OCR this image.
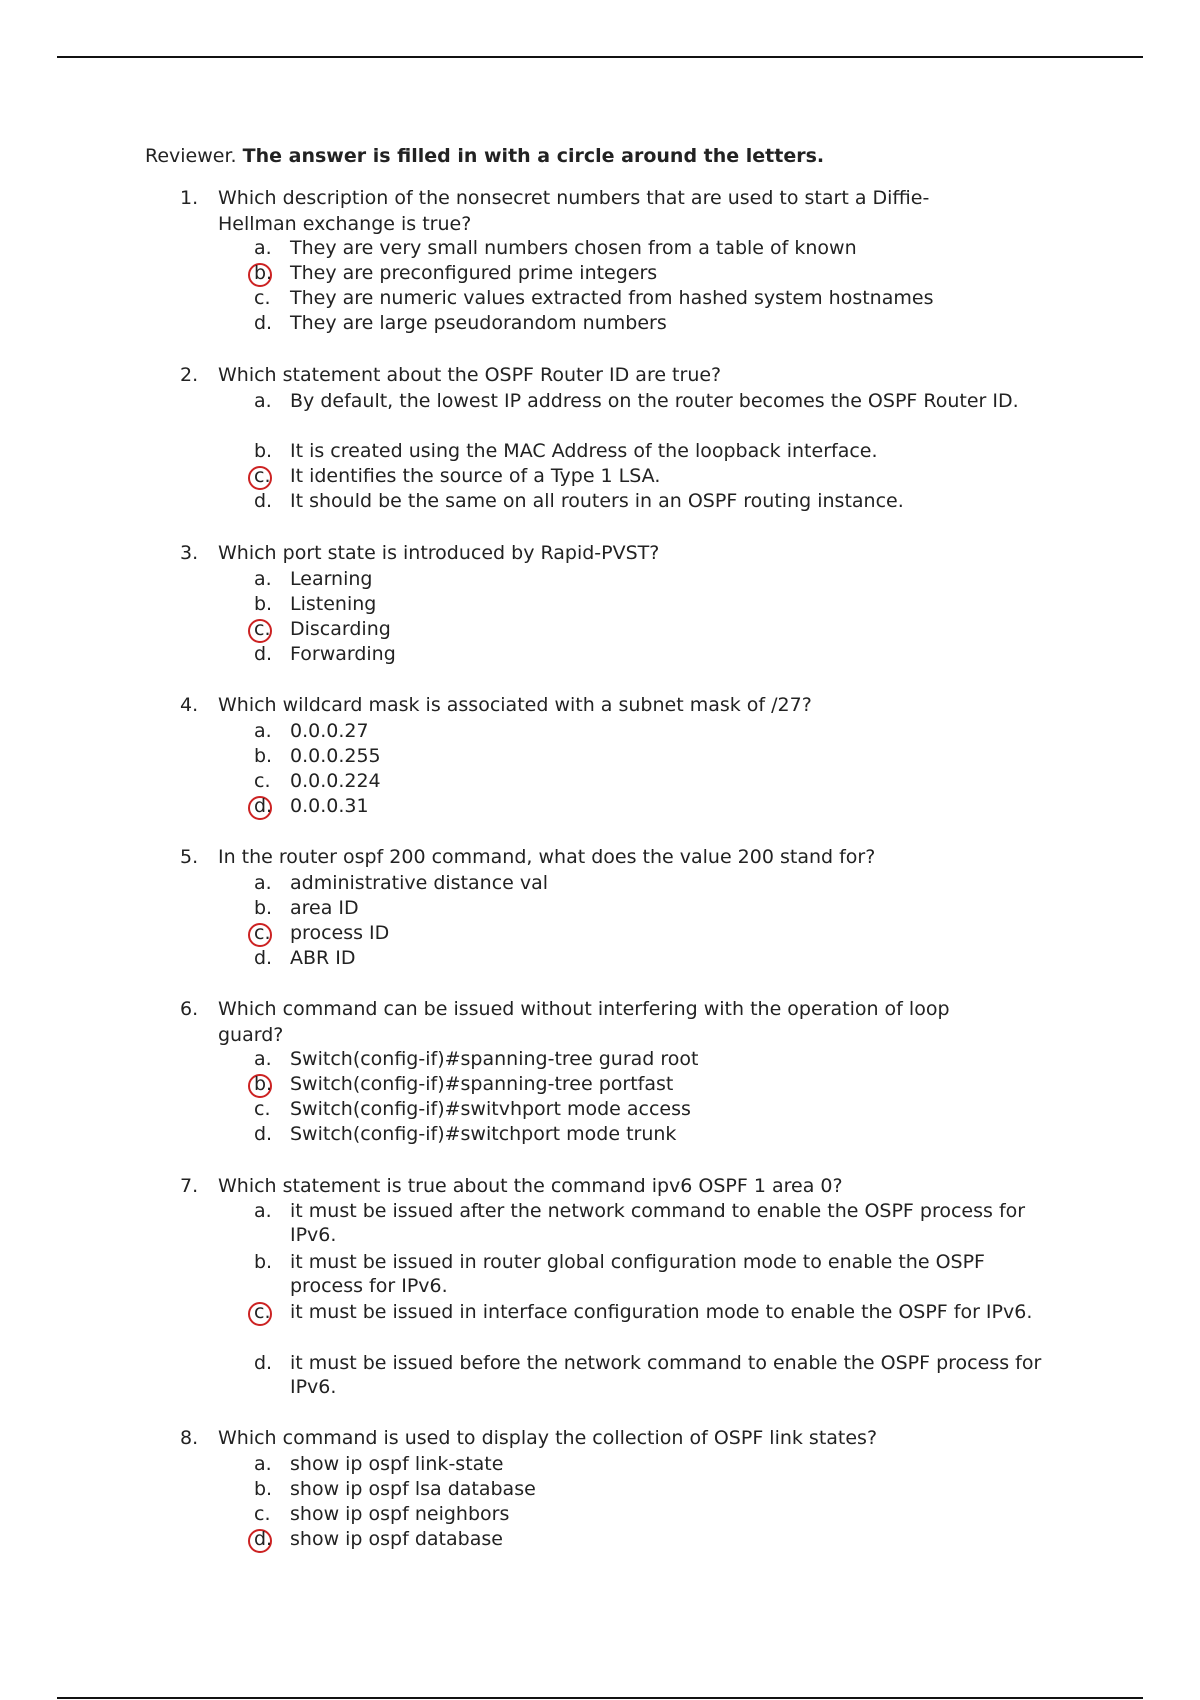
Reviewer. The answer is filled in with a circle around the letters.
1. Which description of the nonsecret numbers that are used to start a Diffie-Hellman exchange is true?
a. They are very small numbers chosen from a table of known
b. They are preconfigured prime integers
c. They are numeric values extracted from hashed system hostnames
d. They are large pseudorandom numbers
2. Which statement about the OSPF Router ID are true?
a. By default, the lowest IP address on the router becomes the OSPF Router ID.
b. It is created using the MAC Address of the loopback interface.
c. It identifies the source of a Type 1 LSA.
d. It should be the same on all routers in an OSPF routing instance.
3. Which port state is introduced by Rapid-PVST?
a. Learning
b. Listening
c. Discarding
d. Forwarding
4. Which wildcard mask is associated with a subnet mask of /27?
a. 0.0.0.27
b. 0.0.0.255
c. 0.0.0.224
d. 0.0.0.31
5. In the router ospf 200 command, what does the value 200 stand for?
a. administrative distance val
b. area ID
c. process ID
d. ABR ID
6. Which command can be issued without interfering with the operation of loop guard?
a. Switch(config-if)#spanning-tree gurad root
b. Switch(config-if)#spanning-tree portfast
c. Switch(config-if)#switvhport mode access
d. Switch(config-if)#switchport mode trunk
7. Which statement is true about the command ipv6 OSPF 1 area 0?
a. it must be issued after the network command to enable the OSPF process for IPv6.
b. it must be issued in router global configuration mode to enable the OSPF process for IPv6.
c. it must be issued in interface configuration mode to enable the OSPF for IPv6.
d. it must be issued before the network command to enable the OSPF process for IPv6.
8. Which command is used to display the collection of OSPF link states?
a. show ip ospf link-state
b. show ip ospf lsa database
c. show ip ospf neighbors
d. show ip ospf database
